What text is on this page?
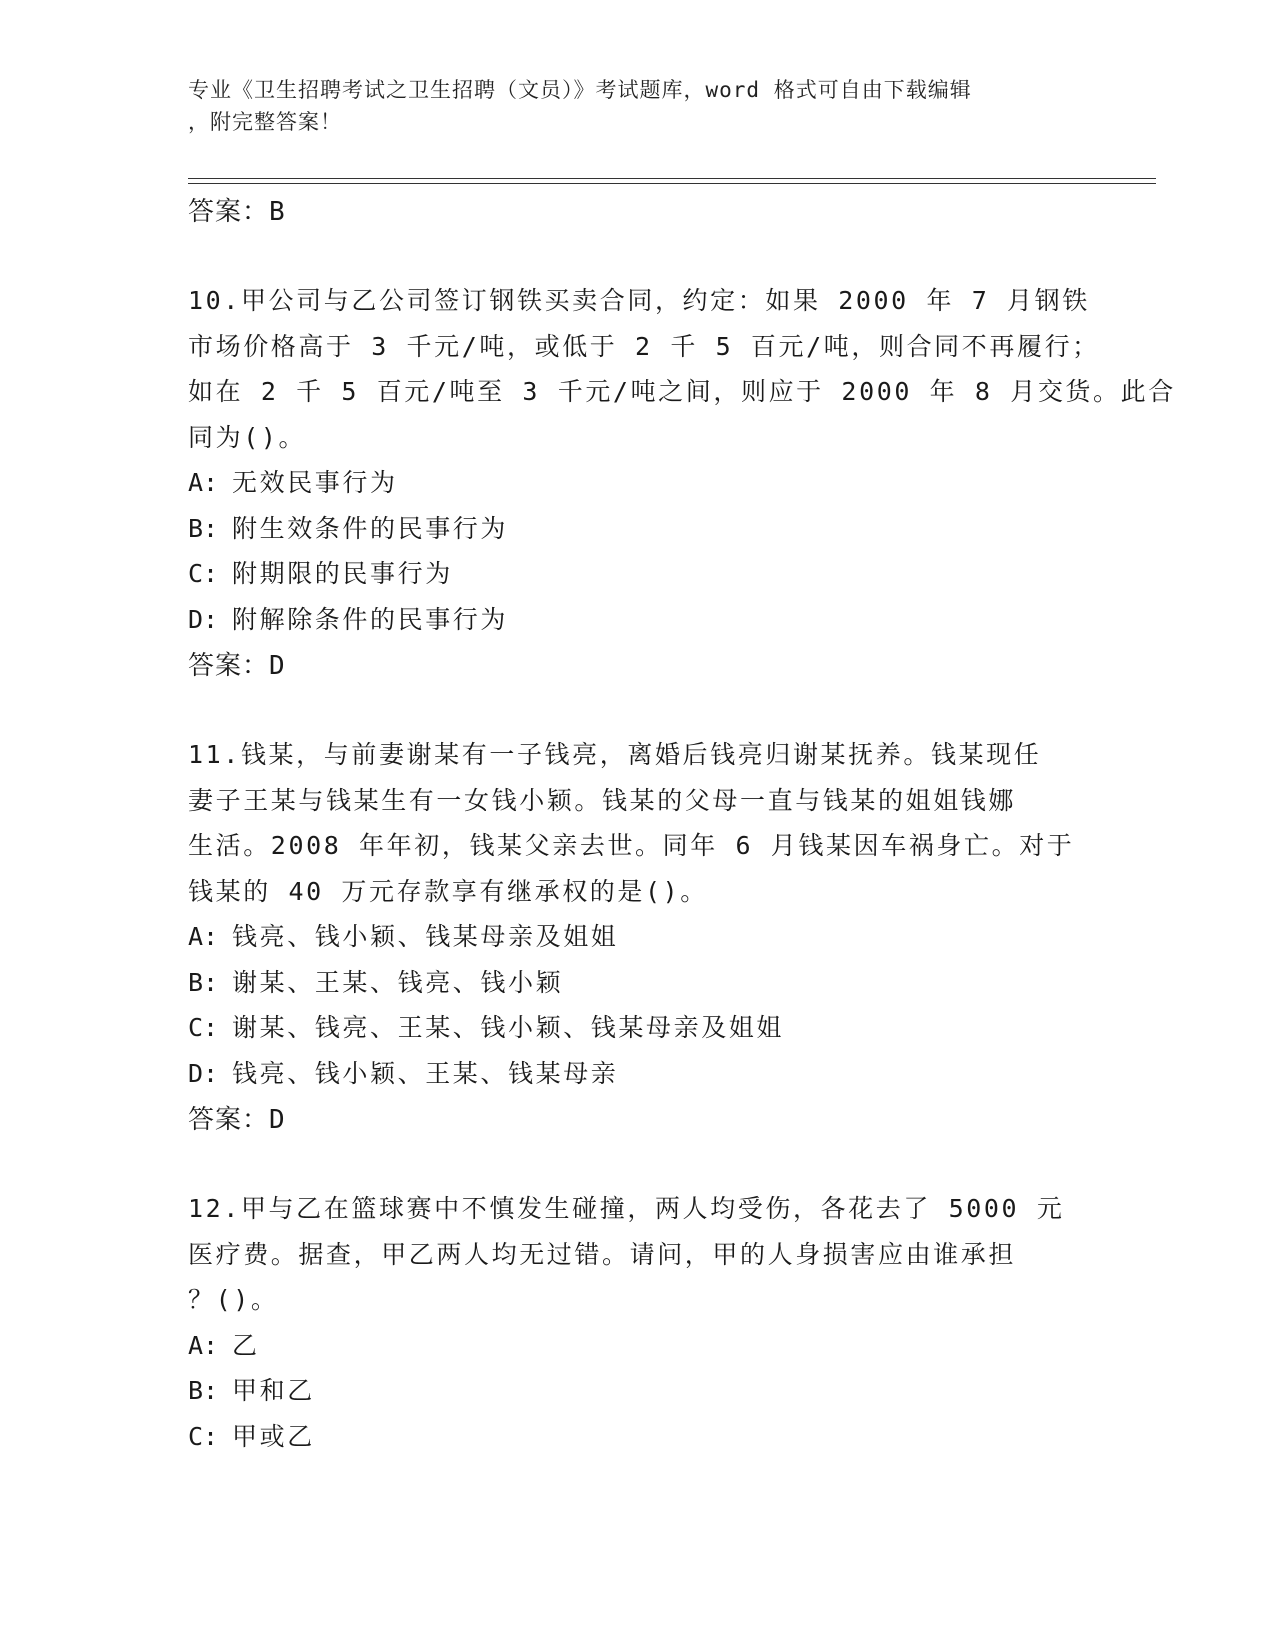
专业《卫生招聘考试之卫生招聘（文员）》考试题库，word 格式可自由下载编辑
，附完整答案！
答案：B
10.甲公司与乙公司签订钢铁买卖合同，约定：如果 2000 年 7 月钢铁
市场价格高于 3 千元/吨，或低于 2 千 5 百元/吨，则合同不再履行；
如在 2 千 5 百元/吨至 3 千元/吨之间，则应于 2000 年 8 月交货。此合
同为()。
A: 无效民事行为
B: 附生效条件的民事行为
C: 附期限的民事行为
D: 附解除条件的民事行为
答案：D
11.钱某，与前妻谢某有一子钱亮，离婚后钱亮归谢某抚养。钱某现任
妻子王某与钱某生有一女钱小颖。钱某的父母一直与钱某的姐姐钱娜
生活。2008 年年初，钱某父亲去世。同年 6 月钱某因车祸身亡。对于
钱某的 40 万元存款享有继承权的是()。
A: 钱亮、钱小颖、钱某母亲及姐姐
B: 谢某、王某、钱亮、钱小颖
C: 谢某、钱亮、王某、钱小颖、钱某母亲及姐姐
D: 钱亮、钱小颖、王某、钱某母亲
答案：D
12.甲与乙在篮球赛中不慎发生碰撞，两人均受伤，各花去了 5000 元
医疗费。据查，甲乙两人均无过错。请问，甲的人身损害应由谁承担
？()。
A: 乙
B: 甲和乙
C: 甲或乙
